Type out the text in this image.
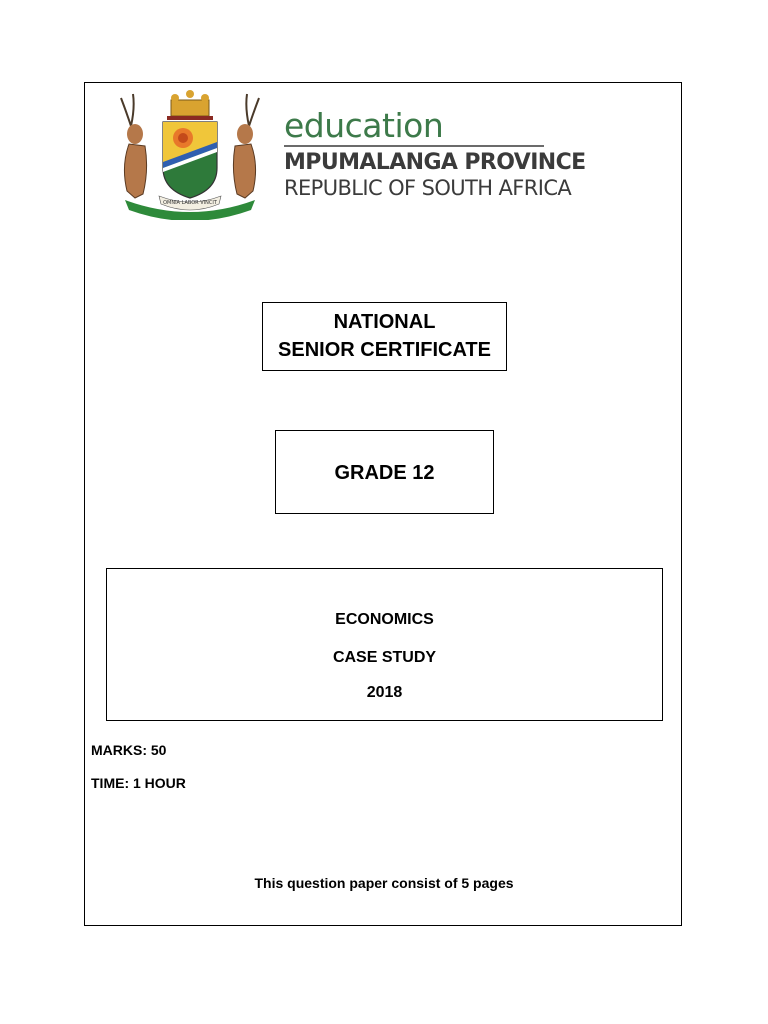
OMNIA LABOR VINCIT
education
MPUMALANGA PROVINCE
REPUBLIC OF SOUTH AFRICA
NATIONAL
SENIOR CERTIFICATE
GRADE 12
ECONOMICS
CASE STUDY
2018
MARKS: 50
TIME: 1 HOUR
This question paper consist of 5 pages
